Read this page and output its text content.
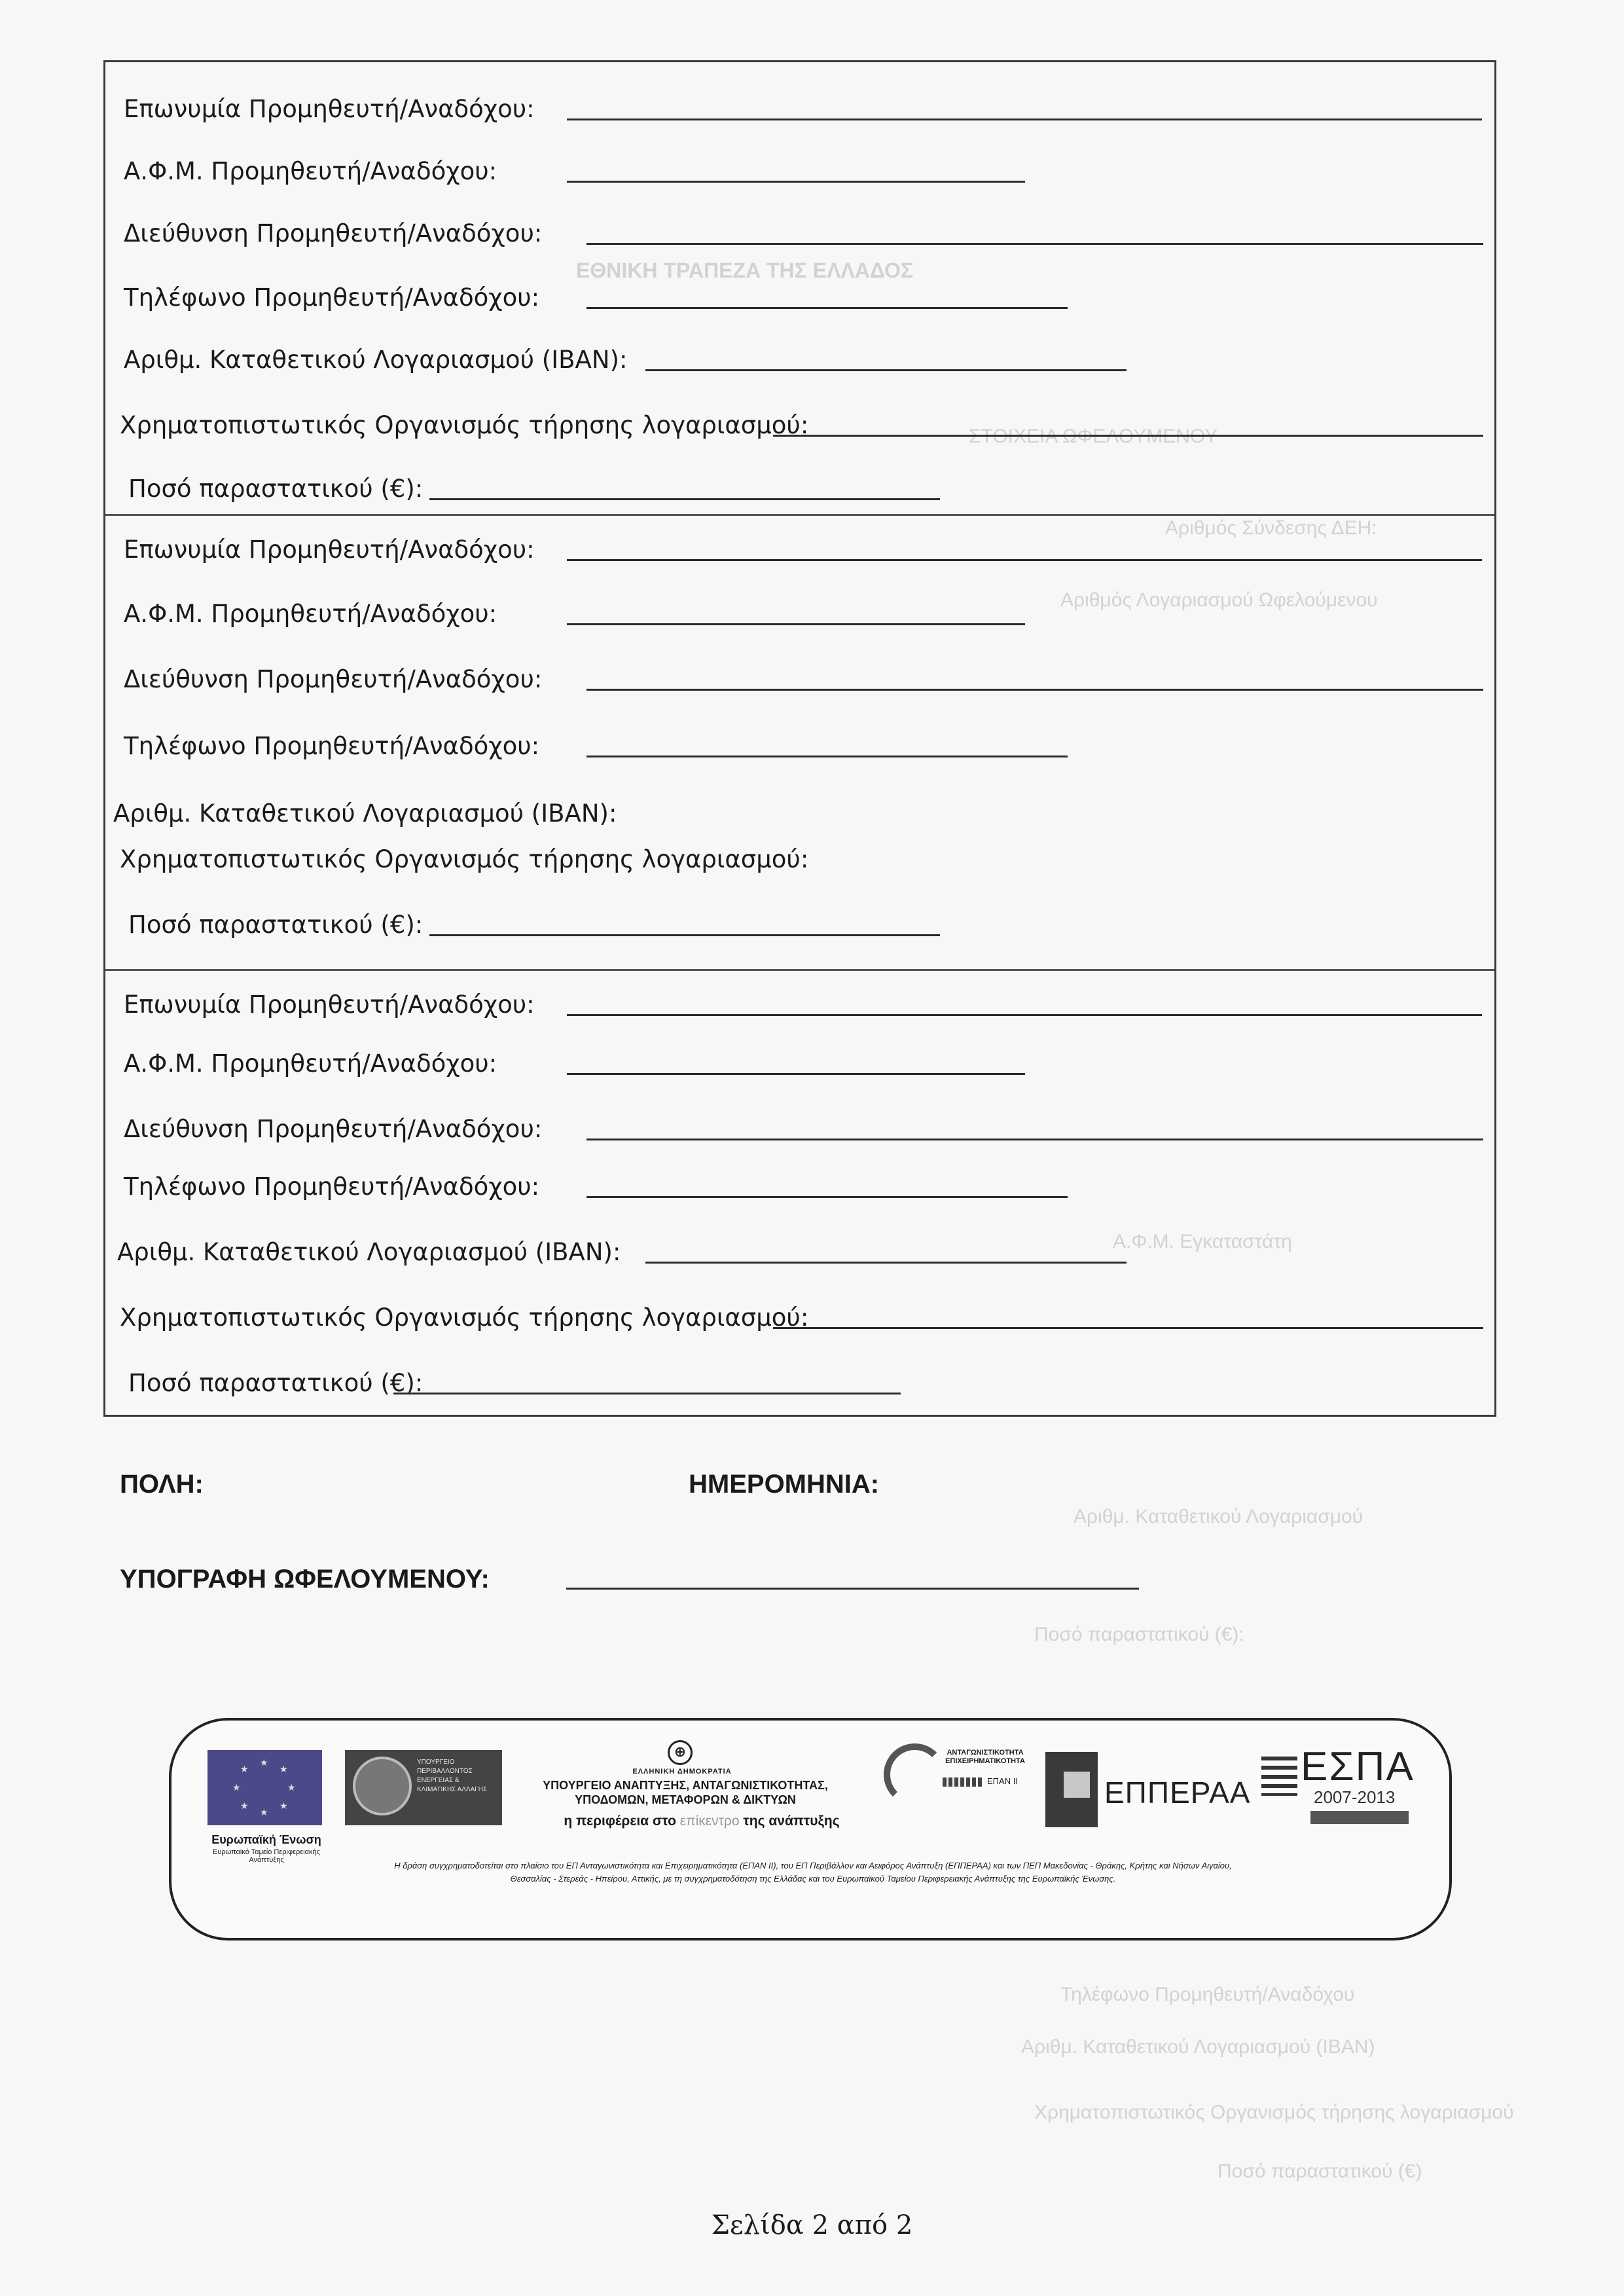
ΕΘΝΙΚΗ ΤΡΑΠΕΖΑ ΤΗΣ ΕΛΛΑΔΟΣ
ΣΤΟΙΧΕΙΑ ΩΦΕΛΟΥΜΕΝΟΥ
Αριθμός Σύνδεσης ΔΕΗ:
Αριθμός Λογαριασμού Ωφελούμενου
Α.Φ.Μ. Εγκαταστάτη
Αριθμ. Καταθετικού Λογαριασμού
Ποσό παραστατικού (€):
Τηλέφωνο Προμηθευτή/Αναδόχου
Αριθμ. Καταθετικού Λογαριασμού (IBAN)
Χρηματοπιστωτικός Οργανισμός τήρησης λογαριασμού
Ποσό παραστατικού (€)
Επωνυμία Προμηθευτή/Αναδόχου:
Α.Φ.Μ. Προμηθευτή/Αναδόχου:
Διεύθυνση Προμηθευτή/Αναδόχου:
Τηλέφωνο Προμηθευτή/Αναδόχου:
Αριθμ. Καταθετικού Λογαριασμού (IBAN):
Χρηματοπιστωτικός Οργανισμός τήρησης λογαριασμού:
Ποσό παραστατικού (€):
Επωνυμία Προμηθευτή/Αναδόχου:
Α.Φ.Μ. Προμηθευτή/Αναδόχου:
Διεύθυνση Προμηθευτή/Αναδόχου:
Τηλέφωνο Προμηθευτή/Αναδόχου:
Αριθμ. Καταθετικού Λογαριασμού (IBAN):
Χρηματοπιστωτικός Οργανισμός τήρησης λογαριασμού:
Ποσό παραστατικού (€):
Επωνυμία Προμηθευτή/Αναδόχου:
Α.Φ.Μ. Προμηθευτή/Αναδόχου:
Διεύθυνση Προμηθευτή/Αναδόχου:
Τηλέφωνο Προμηθευτή/Αναδόχου:
Αριθμ. Καταθετικού Λογαριασμού (IBAN):
Χρηματοπιστωτικός Οργανισμός τήρησης λογαριασμού:
Ποσό παραστατικού (€):
ΠΟΛΗ:	ΗΜΕΡΟΜΗΝΙΑ:
ΥΠΟΓΡΑΦΗ ΩΦΕΛΟΥΜΕΝΟΥ:
★
★
★
★
★
★
★
★
Ευρωπαϊκή Ένωση
Ευρωπαϊκό Ταμείο Περιφερειακής Ανάπτυξης
ΥΠΟΥΡΓΕΙΟ ΠΕΡΙΒΑΛΛΟΝΤΟΣ ΕΝΕΡΓΕΙΑΣ & ΚΛΙΜΑΤΙΚΗΣ ΑΛΛΑΓΗΣ
⊕
ΕΛΛΗΝΙΚΗ ΔΗΜΟΚΡΑΤΙΑ
ΥΠΟΥΡΓΕΙΟ ΑΝΑΠΤΥΞΗΣ, ΑΝΤΑΓΩΝΙΣΤΙΚΟΤΗΤΑΣ,
ΥΠΟΔΟΜΩΝ, ΜΕΤΑΦΟΡΩΝ & ΔΙΚΤΥΩΝ
η περιφέρεια στο επίκεντρο της ανάπτυξης
ΑΝΤΑΓΩΝΙΣΤΙΚΟΤΗΤΑ
ΕΠΙΧΕΙΡΗΜΑΤΙΚΟΤΗΤΑ
ΕΠΑΝ II	ΕΠΠΕΡΑΑ
ΕΣΠΑ
2007-2013
Η δράση συγχρηματοδοτείται στο πλαίσιο του ΕΠ Ανταγωνιστικότητα και Επιχειρηματικότητα (ΕΠΑΝ ΙΙ), του ΕΠ Περιβάλλον και Αειφόρος Ανάπτυξη (ΕΠΠΕΡΑΑ) και των ΠΕΠ Μακεδονίας - Θράκης, Κρήτης και Νήσων Αιγαίου,
Θεσσαλίας - Στερεάς - Ηπείρου, Αττικής, με τη συγχρηματοδότηση της Ελλάδας και του Ευρωπαϊκού Ταμείου Περιφερειακής Ανάπτυξης της Ευρωπαϊκής Ένωσης.
Σελίδα 2 από 2
